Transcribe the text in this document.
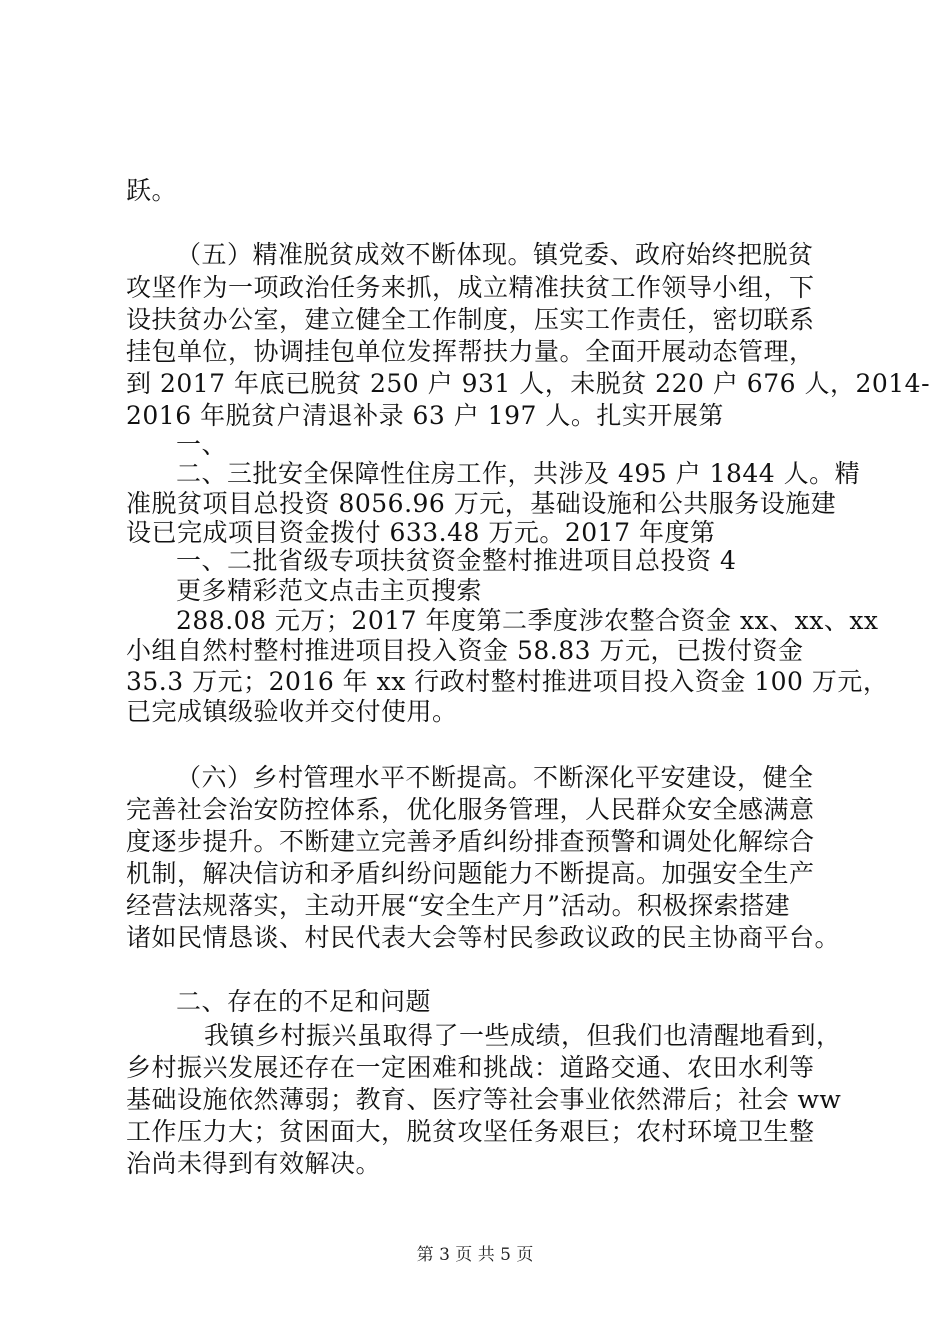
跃。
（五）精准脱贫成效不断体现。镇党委、政府始终把脱贫
攻坚作为一项政治任务来抓，成立精准扶贫工作领导小组，下
设扶贫办公室，建立健全工作制度，压实工作责任，密切联系
挂包单位，协调挂包单位发挥帮扶力量。全面开展动态管理，
到 2017 年底已脱贫 250 户 931 人，未脱贫 220 户 676 人，2014-
2016 年脱贫户清退补录 63 户 197 人。扎实开展第
一、
二、三批安全保障性住房工作，共涉及 495 户 1844 人。精
准脱贫项目总投资 8056.96 万元，基础设施和公共服务设施建
设已完成项目资金拨付 633.48 万元。2017 年度第
一、二批省级专项扶贫资金整村推进项目总投资 4
更多精彩范文点击主页搜索
288.08 元万；2017 年度第二季度涉农整合资金 xx、xx、xx
小组自然村整村推进项目投入资金 58.83 万元，已拨付资金
35.3 万元；2016 年 xx 行政村整村推进项目投入资金 100 万元，
已完成镇级验收并交付使用。
（六）乡村管理水平不断提高。不断深化平安建设，健全
完善社会治安防控体系，优化服务管理，人民群众安全感满意
度逐步提升。不断建立完善矛盾纠纷排查预警和调处化解综合
机制，解决信访和矛盾纠纷问题能力不断提高。加强安全生产
经营法规落实，主动开展“安全生产月”活动。积极探索搭建
诸如民情恳谈、村民代表大会等村民参政议政的民主协商平台。
二、存在的不足和问题
我镇乡村振兴虽取得了一些成绩，但我们也清醒地看到，
乡村振兴发展还存在一定困难和挑战：道路交通、农田水利等
基础设施依然薄弱；教育、医疗等社会事业依然滞后；社会 ww
工作压力大；贫困面大，脱贫攻坚任务艰巨；农村环境卫生整
治尚未得到有效解决。
第 3 页 共 5 页
